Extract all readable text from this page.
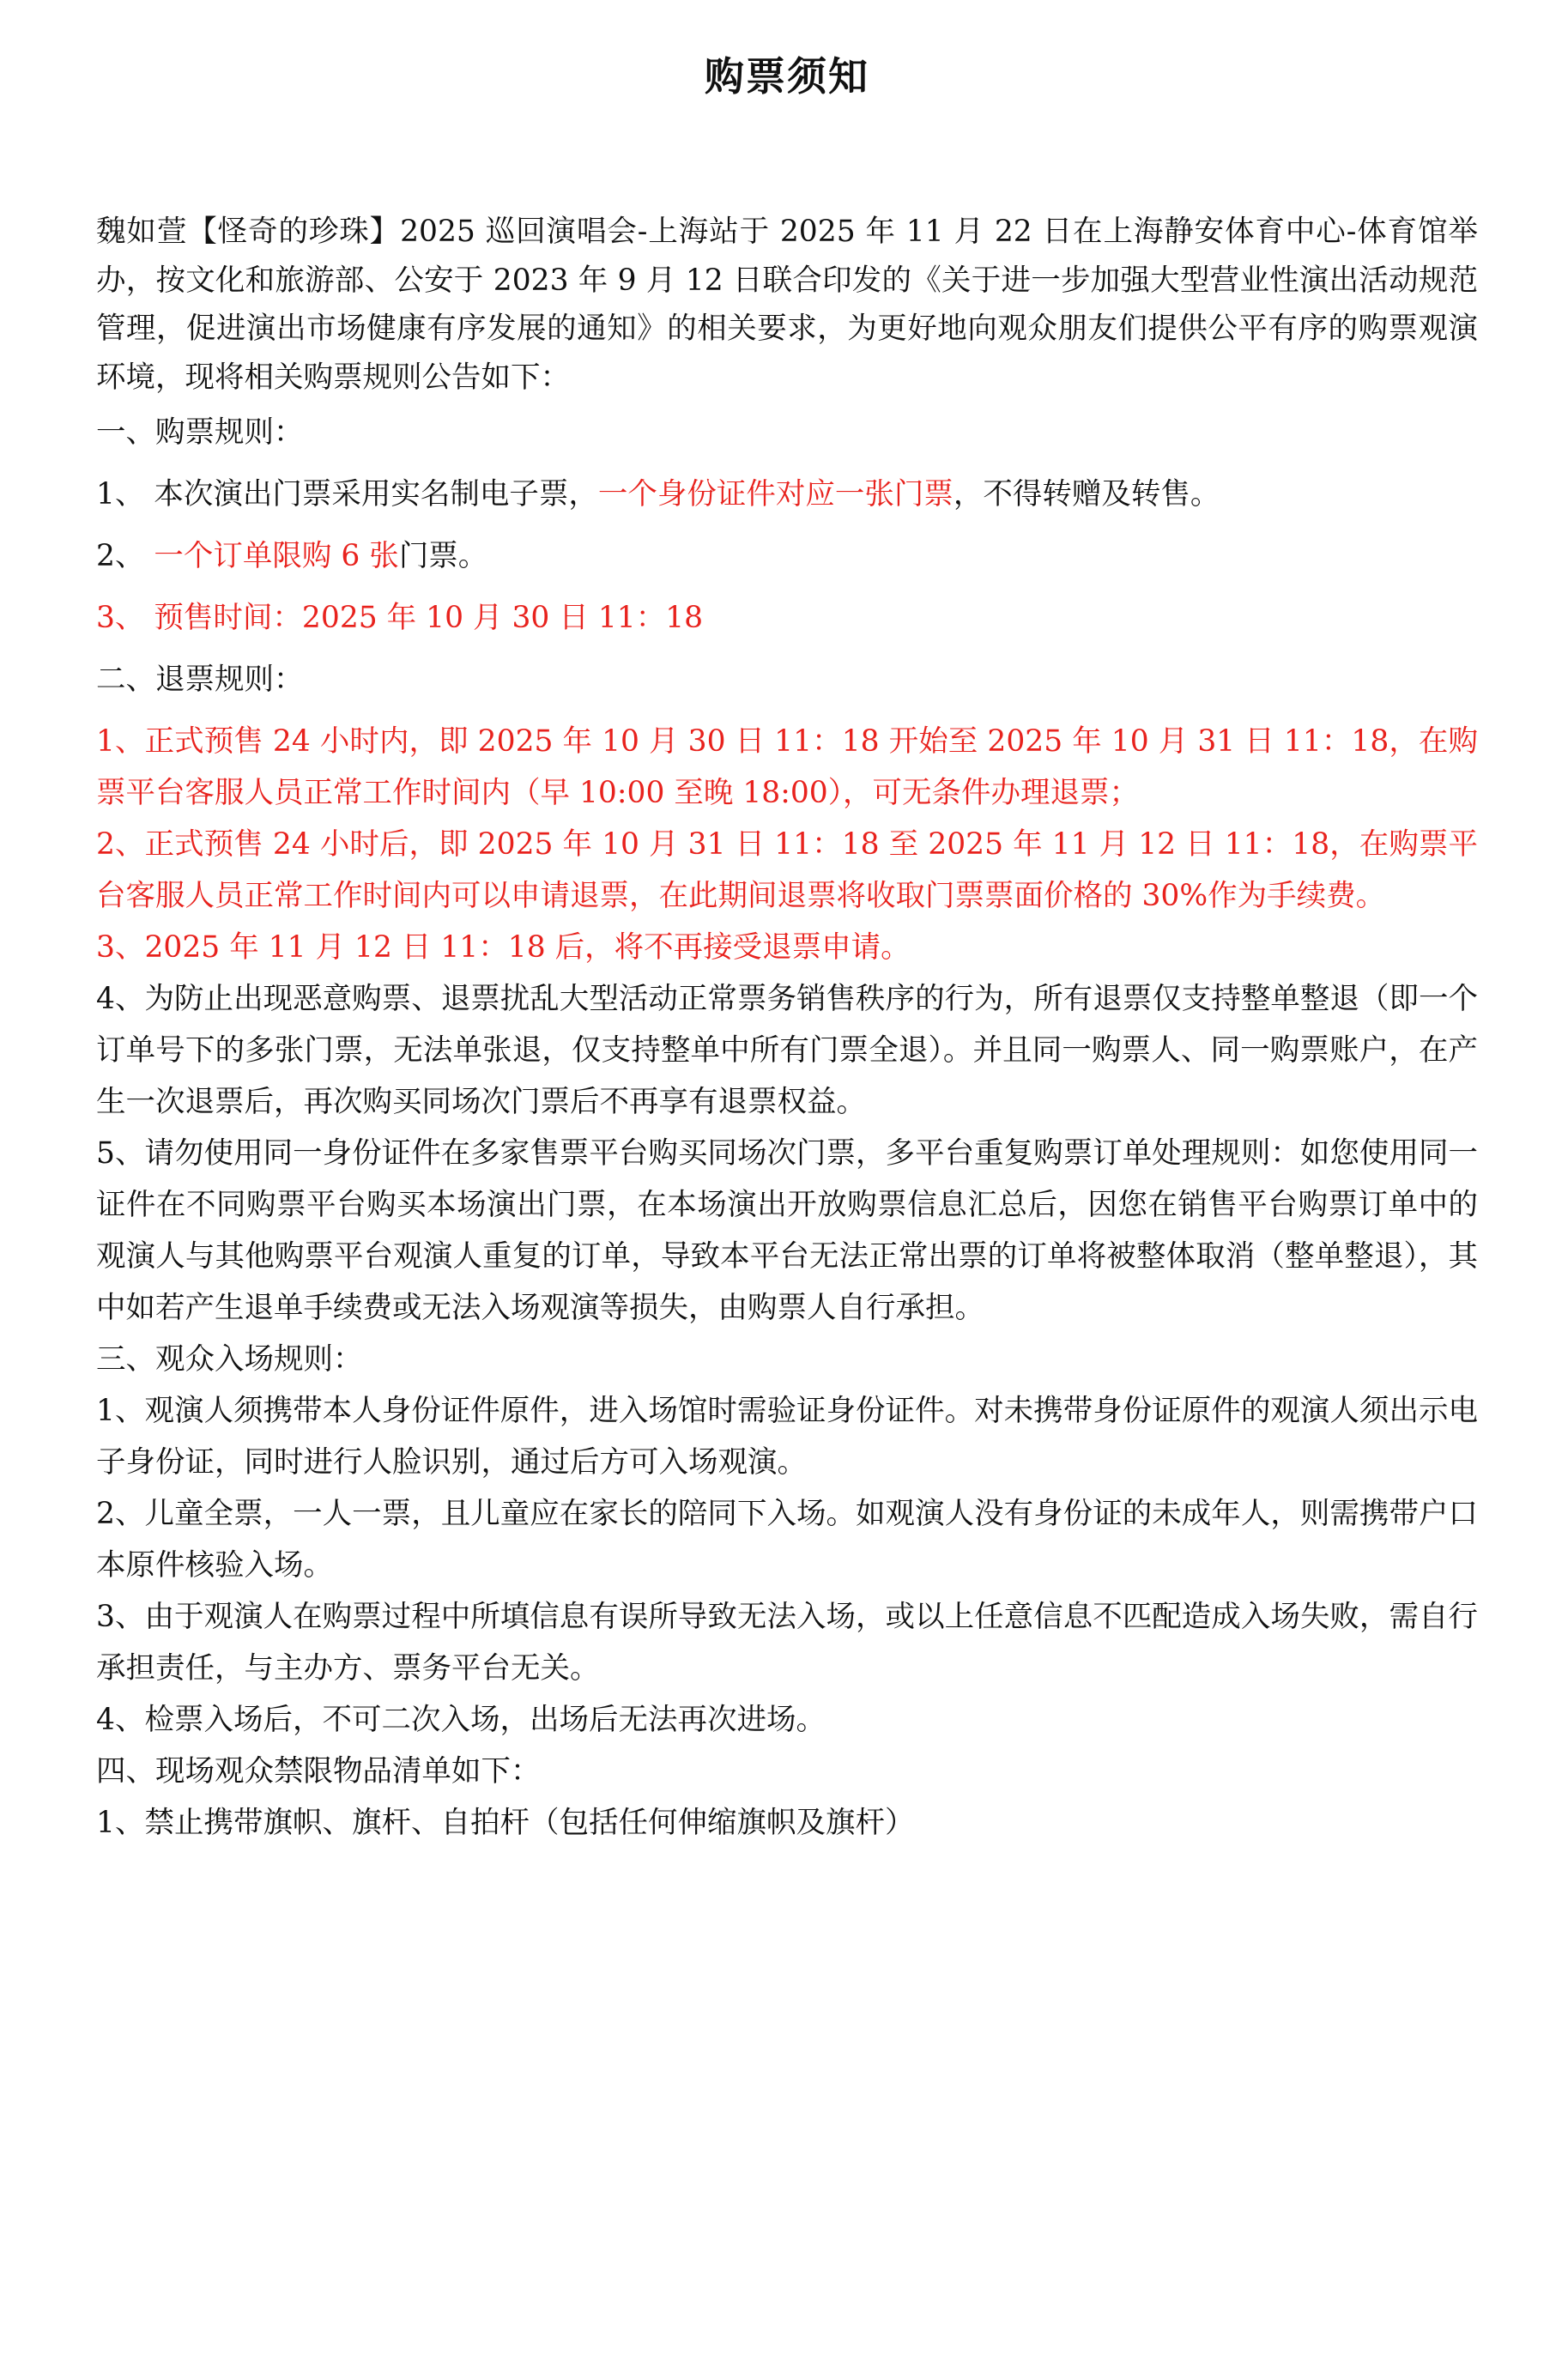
购票须知

魏如萱【怪奇的珍珠】2025 巡回演唱会-上海站于 2025 年 11 月 22 日在上海静安体育中心-体育馆举办，按文化和旅游部、公安于 2023 年 9 月 12 日联合印发的《关于进一步加强大型营业性演出活动规范管理，促进演出市场健康有序发展的通知》的相关要求，为更好地向观众朋友们提供公平有序的购票观演环境，现将相关购票规则公告如下：

一、购票规则：

1、 本次演出门票采用实名制电子票，一个身份证件对应一张门票，不得转赠及转售。

2、 一个订单限购 6 张门票。

3、 预售时间：2025 年 10 月 30 日 11：18

二、退票规则：

1、正式预售 24 小时内，即 2025 年 10 月 30 日 11：18 开始至 2025 年 10 月 31 日 11：18，在购票平台客服人员正常工作时间内（早 10:00 至晚 18:00），可无条件办理退票；

2、正式预售 24 小时后，即 2025 年 10 月 31 日 11：18 至 2025 年 11 月 12 日 11：18，在购票平台客服人员正常工作时间内可以申请退票，在此期间退票将收取门票票面价格的 30%作为手续费。

3、2025 年 11 月 12 日 11：18 后，将不再接受退票申请。

4、为防止出现恶意购票、退票扰乱大型活动正常票务销售秩序的行为，所有退票仅支持整单整退（即一个订单号下的多张门票，无法单张退，仅支持整单中所有门票全退）。并且同一购票人、同一购票账户，在产生一次退票后，再次购买同场次门票后不再享有退票权益。

5、请勿使用同一身份证件在多家售票平台购买同场次门票，多平台重复购票订单处理规则：如您使用同一证件在不同购票平台购买本场演出门票，在本场演出开放购票信息汇总后，因您在销售平台购票订单中的观演人与其他购票平台观演人重复的订单，导致本平台无法正常出票的订单将被整体取消（整单整退），其中如若产生退单手续费或无法入场观演等损失，由购票人自行承担。

三、观众入场规则：

1、观演人须携带本人身份证件原件，进入场馆时需验证身份证件。对未携带身份证原件的观演人须出示电子身份证，同时进行人脸识别，通过后方可入场观演。

2、儿童全票，一人一票，且儿童应在家长的陪同下入场。如观演人没有身份证的未成年人，则需携带户口本原件核验入场。

3、由于观演人在购票过程中所填信息有误所导致无法入场，或以上任意信息不匹配造成入场失败，需自行承担责任，与主办方、票务平台无关。

4、检票入场后，不可二次入场，出场后无法再次进场。

四、现场观众禁限物品清单如下：

1、禁止携带旗帜、旗杆、自拍杆（包括任何伸缩旗帜及旗杆）
